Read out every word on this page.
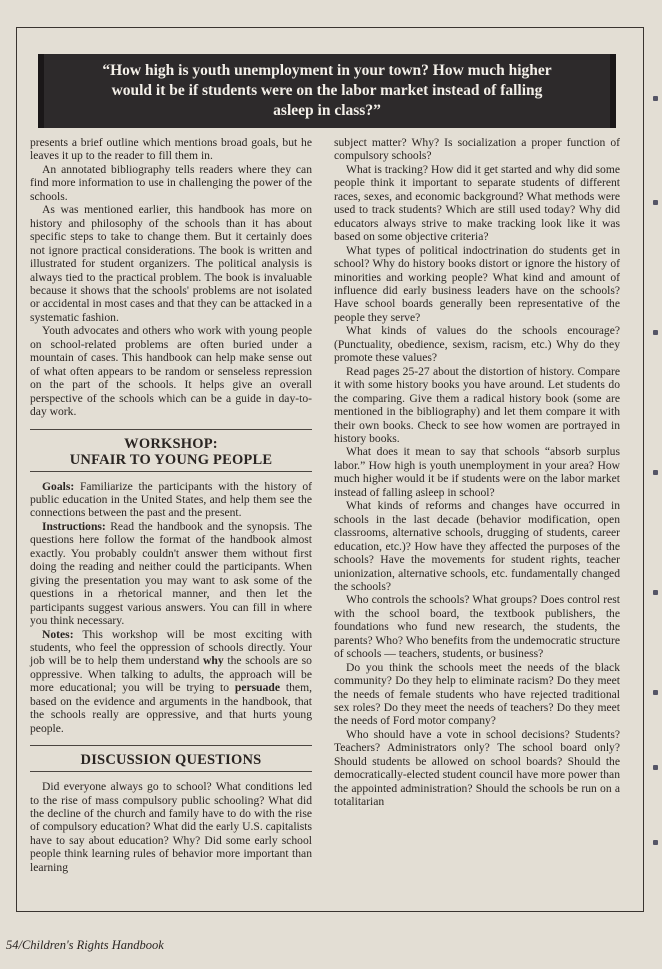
“How high is youth unemployment in your town? How much higher would it be if students were on the labor market instead of falling asleep in class?”

presents a brief outline which mentions broad goals, but he leaves it up to the reader to fill them in.

An annotated bibliography tells readers where they can find more information to use in challenging the power of the schools.

As was mentioned earlier, this handbook has more on history and philosophy of the schools than it has about specific steps to take to change them. But it certainly does not ignore practical considerations. The book is written and illustrated for student organizers. The political analysis is always tied to the practical problem. The book is invaluable because it shows that the schools' problems are not isolated or accidental in most cases and that they can be attacked in a systematic fashion.

Youth advocates and others who work with young people on school-related problems are often buried under a mountain of cases. This handbook can help make sense out of what often appears to be random or senseless repression on the part of the schools. It helps give an overall perspective of the schools which can be a guide in day-to-day work.

WORKSHOP:
UNFAIR TO YOUNG PEOPLE

Goals: Familiarize the participants with the history of public education in the United States, and help them see the connections between the past and the present.

Instructions: Read the handbook and the synopsis. The questions here follow the format of the handbook almost exactly. You probably couldn't answer them without first doing the reading and neither could the participants. When giving the presentation you may want to ask some of the questions in a rhetorical manner, and then let the participants suggest various answers. You can fill in where you think necessary.

Notes: This workshop will be most exciting with students, who feel the oppression of schools directly. Your job will be to help them understand why the schools are so oppressive. When talking to adults, the approach will be more educational; you will be trying to persuade them, based on the evidence and arguments in the handbook, that the schools really are oppressive, and that hurts young people.

DISCUSSION QUESTIONS

Did everyone always go to school? What conditions led to the rise of mass compulsory public schooling? What did the decline of the church and family have to do with the rise of compulsory education? What did the early U.S. capitalists have to say about education? Why? Did some early school people think learning rules of behavior more important than learning

subject matter? Why? Is socialization a proper function of compulsory schools?

What is tracking? How did it get started and why did some people think it important to separate students of different races, sexes, and economic background? What methods were used to track students? Which are still used today? Why did educators always strive to make tracking look like it was based on some objective criteria?

What types of political indoctrination do students get in school? Why do history books distort or ignore the history of minorities and working people? What kind and amount of influence did early business leaders have on the schools? Have school boards generally been representative of the people they serve?

What kinds of values do the schools encourage? (Punctuality, obedience, sexism, racism, etc.) Why do they promote these values?

Read pages 25-27 about the distortion of history. Compare it with some history books you have around. Let students do the comparing. Give them a radical history book (some are mentioned in the bibliography) and let them compare it with their own books. Check to see how women are portrayed in history books.

What does it mean to say that schools “absorb surplus labor.” How high is youth unemployment in your area? How much higher would it be if students were on the labor market instead of falling asleep in school?

What kinds of reforms and changes have occurred in schools in the last decade (behavior modification, open classrooms, alternative schools, drugging of students, career education, etc.)? How have they affected the purposes of the schools? Have the movements for student rights, teacher unionization, alternative schools, etc. fundamentally changed the schools?

Who controls the schools? What groups? Does control rest with the school board, the textbook publishers, the foundations who fund new research, the students, the parents? Who? Who benefits from the undemocratic structure of schools — teachers, students, or business?

Do you think the schools meet the needs of the black community? Do they help to eliminate racism? Do they meet the needs of female students who have rejected traditional sex roles? Do they meet the needs of teachers? Do they meet the needs of Ford motor company?

Who should have a vote in school decisions? Students? Teachers? Administrators only? The school board only? Should students be allowed on school boards? Should the democratically-elected student council have more power than the appointed administration? Should the schools be run on a totalitarian

54/Children's Rights Handbook
